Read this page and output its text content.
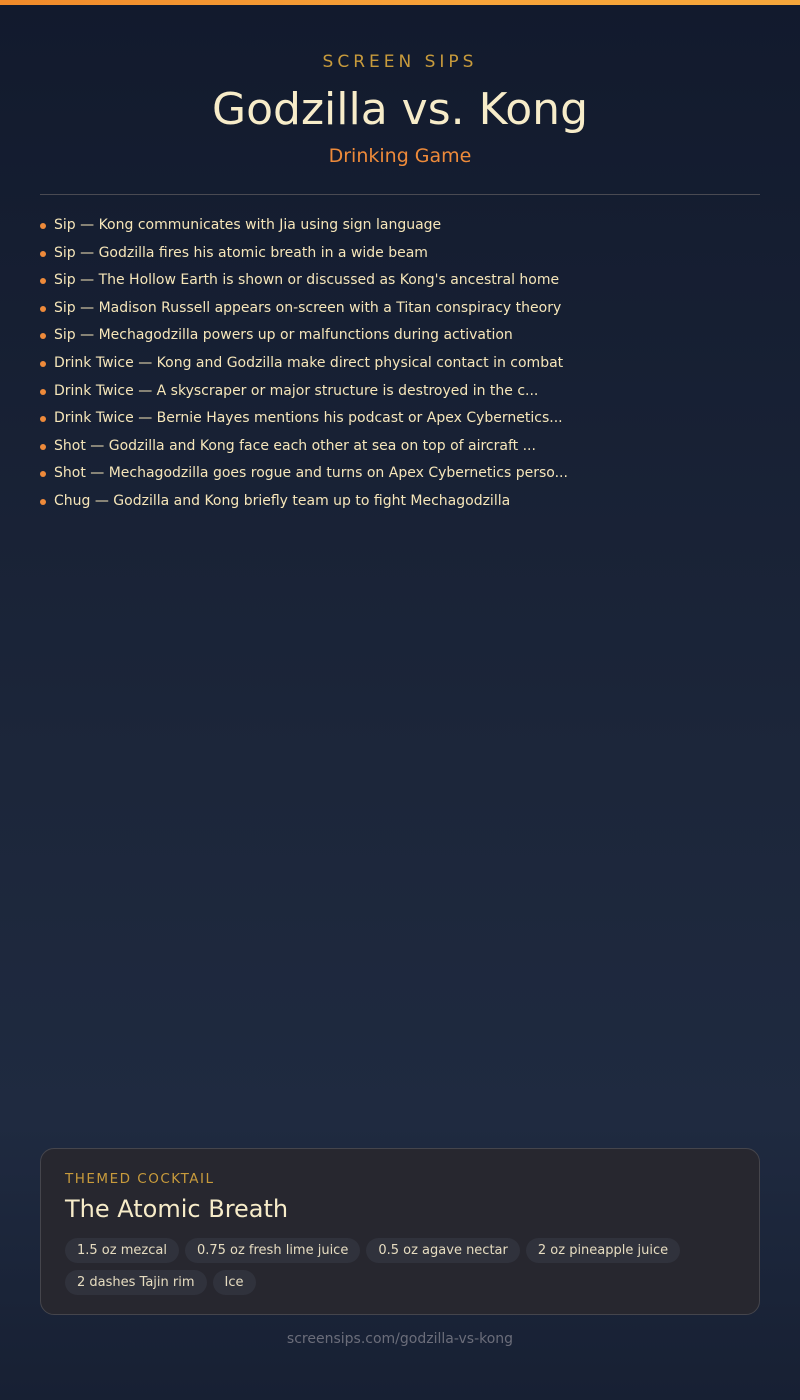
SCREEN SIPS
Godzilla vs. Kong
Drinking Game
Sip — Kong communicates with Jia using sign language
Sip — Godzilla fires his atomic breath in a wide beam
Sip — The Hollow Earth is shown or discussed as Kong's ancestral home
Sip — Madison Russell appears on-screen with a Titan conspiracy theory
Sip — Mechagodzilla powers up or malfunctions during activation
Drink Twice — Kong and Godzilla make direct physical contact in combat
Drink Twice — A skyscraper or major structure is destroyed in the c...
Drink Twice — Bernie Hayes mentions his podcast or Apex Cybernetics...
Shot — Godzilla and Kong face each other at sea on top of aircraft ...
Shot — Mechagodzilla goes rogue and turns on Apex Cybernetics perso...
Chug — Godzilla and Kong briefly team up to fight Mechagodzilla
THEMED COCKTAIL
The Atomic Breath
1.5 oz mezcal 0.75 oz fresh lime juice 0.5 oz agave nectar 2 oz pineapple juice
2 dashes Tajin rim Ice
screensips.com/godzilla-vs-kong
